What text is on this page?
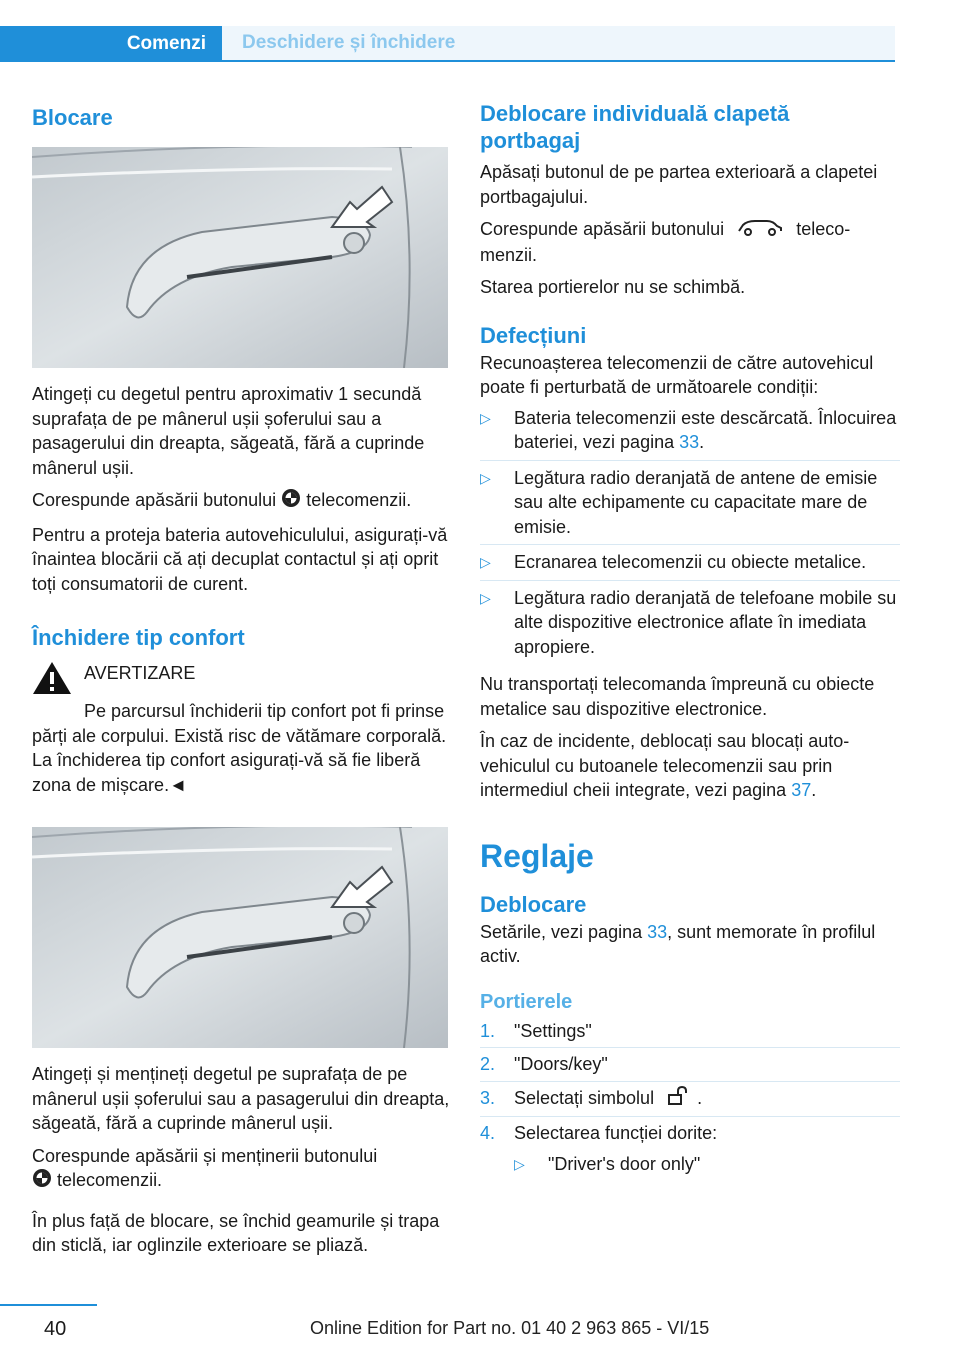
Comenzi	Deschidere și închidere
Blocare

Atingeți cu degetul pentru aproximativ 1 secundă suprafața de pe mânerul ușii șoferului sau a pasagerului din dreapta, săgeată, fără a cuprinde mânerul ușii.

Corespunde apăsării butonului telecomenzii.

Pentru a proteja bateria autovehiculului, asigurați-vă înaintea blocării că ați decuplat contactul și ați oprit toți consumatorii de curent.

Închidere tip confort
AVERTIZARE

Pe parcursul închiderii tip confort pot fi prinse părți ale corpului. Există risc de vătămare corporală. La închiderea tip confort asigurați-vă să fie liberă zona de mișcare.◄

Atingeți și mențineți degetul pe suprafața de pe mânerul ușii șoferului sau a pasagerului din dreapta, săgeată, fără a cuprinde mânerul ușii.

Corespunde apăsării și menținerii butonului
telecomenzii.

În plus față de blocare, se închid geamurile și trapa din sticlă, iar oglinzile exterioare se pliază.

Deblocare individuală clapetă portbagaj

Apăsați butonul de pe partea exterioară a clapetei portbagajului.

Corespunde apăsării butonului	telecomenzii.

Starea portierelor nu se schimbă.

Defecțiuni

Recunoașterea telecomenzii de către autovehicul poate fi perturbată de următoarele condiții:

▷ Bateria telecomenzii este descărcată. Înlocuirea bateriei, vezi pagina 33.
▷ Legătura radio deranjată de antene de emisie sau alte echipamente cu capacitate mare de emisie.
▷ Ecranarea telecomenzii cu obiecte metalice.
▷ Legătura radio deranjată de telefoane mobile su alte dispozitive electronice aflate în imediata apropiere.

Nu transportați telecomanda împreună cu obiecte metalice sau dispozitive electronice.

În caz de incidente, deblocați sau blocați autovehiculul cu butoanele telecomenzii sau prin intermediul cheii integrate, vezi pagina 37.

Reglaje
Deblocare

Setările, vezi pagina 33, sunt memorate în profilul activ.

Portierele
1. "Settings"
2. "Doors/key"
3. Selectați simbolul .
4. Selectarea funcției dorite:
▷ "Driver's door only"
40	Online Edition for Part no. 01 40 2 963 865 - VI/15
